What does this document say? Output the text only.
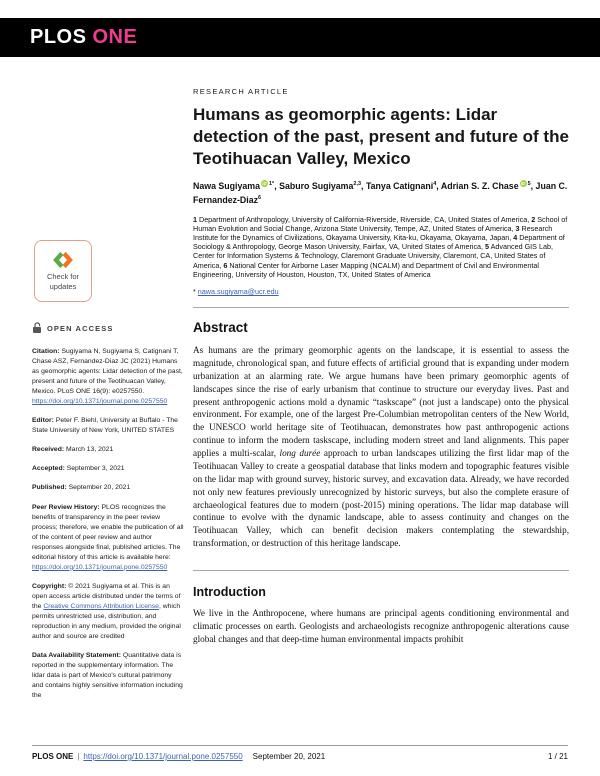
PLOS ONE
Check for updates
OPEN ACCESS
Citation: Sugiyama N, Sugiyama S, Catignani T, Chase ASZ, Fernandez-Diaz JC (2021) Humans as geomorphic agents: Lidar detection of the past, present and future of the Teotihuacan Valley, Mexico. PLoS ONE 16(9): e0257550. https://doi.org/10.1371/journal.pone.0257550
Editor: Peter F. Biehl, University at Buffalo - The State University of New York, UNITED STATES
Received: March 13, 2021
Accepted: September 3, 2021
Published: September 20, 2021
Peer Review History: PLOS recognizes the benefits of transparency in the peer review process; therefore, we enable the publication of all of the content of peer review and author responses alongside final, published articles. The editorial history of this article is available here: https://doi.org/10.1371/journal.pone.0257550
Copyright: © 2021 Sugiyama et al. This is an open access article distributed under the terms of the Creative Commons Attribution License, which permits unrestricted use, distribution, and reproduction in any medium, provided the original author and source are credited
Data Availability Statement: Quantitative data is reported in the supplementary information. The lidar data is part of Mexico's cultural patrimony and contains highly sensitive information including the
RESEARCH ARTICLE
Humans as geomorphic agents: Lidar detection of the past, present and future of the Teotihuacan Valley, Mexico

Nawa Sugiyama iD $^{1*}$, Saburo Sugiyama$^{2,3}$, Tanya Catignani$^4$, Adrian S. Z. Chase iD $^5$, Juan C. Fernandez-Diaz$^6$

1 Department of Anthropology, University of California-Riverside, Riverside, CA, United States of America, 2 School of Human Evolution and Social Change, Arizona State University, Tempe, AZ, United States of America, 3 Research Institute for the Dynamics of Civilizations, Okayama University, Kita-ku, Okayama, Okayama, Japan, 4 Department of Sociology & Anthropology, George Mason University, Fairfax, VA, United States of America, 5 Advanced GIS Lab, Center for Information Systems & Technology, Claremont Graduate University, Claremont, CA, United States of America, 6 National Center for Airborne Laser Mapping (NCALM) and Department of Civil and Environmental Engineering, University of Houston, Houston, TX, United States of America

* nawa.sugiyama@ucr.edu

Abstract
As humans are the primary geomorphic agents on the landscape, it is essential to assess the magnitude, chronological span, and future effects of artificial ground that is expanding under modern urbanization at an alarming rate. We argue humans have been primary geomorphic agents of landscapes since the rise of early urbanism that continue to structure our everyday lives. Past and present anthropogenic actions mold a dynamic “taskscape” (not just a landscape) onto the physical environment. For example, one of the largest Pre-Columbian metropolitan centers of the New World, the UNESCO world heritage site of Teotihuacan, demonstrates how past anthropogenic actions continue to inform the modern taskscape, including modern street and land alignments. This paper applies a multi-scalar, long durée approach to urban landscapes utilizing the first lidar map of the Teotihuacan Valley to create a geospatial database that links modern and topographic features visible on the lidar map with ground survey, historic survey, and excavation data. Already, we have recorded not only new features previously unrecognized by historic surveys, but also the complete erasure of archaeological features due to modern (post-2015) mining operations. The lidar map database will continue to evolve with the dynamic landscape, able to assess continuity and changes on the Teotihuacan Valley, which can benefit decision makers contemplating the stewardship, transformation, or destruction of this heritage landscape.
Introduction
We live in the Anthropocene, where humans are principal agents conditioning environmental and climatic processes on earth. Geologists and archaeologists recognize anthropogenic alterations cause global changes and that deep-time human environmental impacts prohibit
PLOS ONE | https://doi.org/10.1371/journal.pone.0257550 September 20, 2021	1 / 21
